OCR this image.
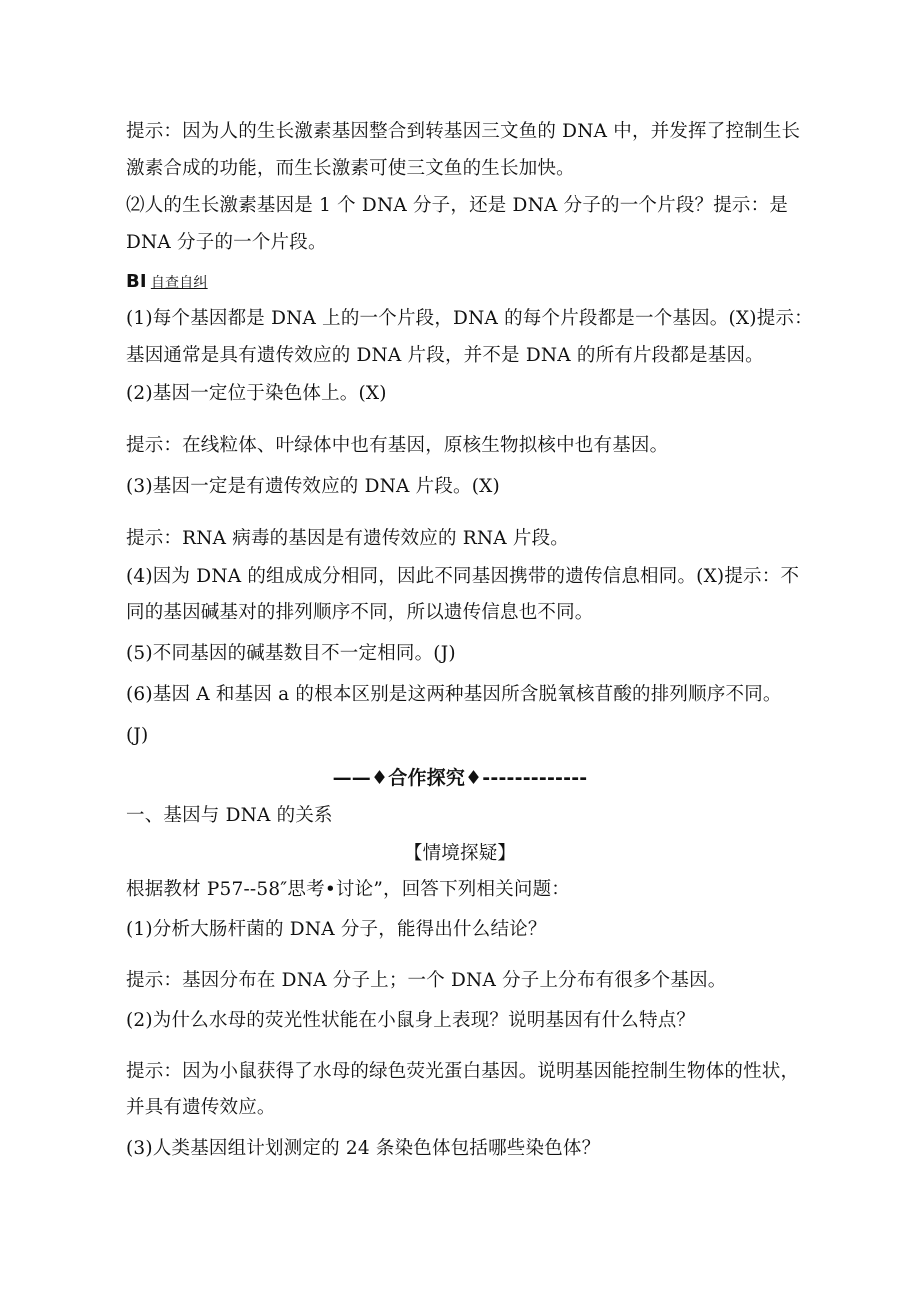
提示：因为人的生长激素基因整合到转基因三文鱼的 DNA 中，并发挥了控制生长
激素合成的功能，而生长激素可使三文鱼的生长加快。
⑵人的生长激素基因是 1 个 DNA 分子，还是 DNA 分子的一个片段？提示：是
DNA 分子的一个片段。
BI 自查自纠
(1)每个基因都是 DNA 上的一个片段，DNA 的每个片段都是一个基因。(X)提示：
基因通常是具有遗传效应的 DNA 片段，并不是 DNA 的所有片段都是基因。
(2)基因一定位于染色体上。(X)
提示：在线粒体、叶绿体中也有基因，原核生物拟核中也有基因。
(3)基因一定是有遗传效应的 DNA 片段。(X)
提示：RNA 病毒的基因是有遗传效应的 RNA 片段。
(4)因为 DNA 的组成成分相同，因此不同基因携带的遗传信息相同。(X)提示：不
同的基因碱基对的排列顺序不同，所以遗传信息也不同。
(5)不同基因的碱基数目不一定相同。(J)
(6)基因 A 和基因 a 的根本区别是这两种基因所含脱氧核苜酸的排列顺序不同。
(J)
——♦合作探究♦-------------
一、基因与 DNA 的关系
【情境探疑】
根据教材 P57--58″思考•讨论”，回答下列相关问题：
(1)分析大肠杆菌的 DNA 分子，能得出什么结论？
提示：基因分布在 DNA 分子上；一个 DNA 分子上分布有很多个基因。
(2)为什么水母的荧光性状能在小鼠身上表现？说明基因有什么特点？
提示：因为小鼠获得了水母的绿色荧光蛋白基因。说明基因能控制生物体的性状，
并具有遗传效应。
(3)人类基因组计划测定的 24 条染色体包括哪些染色体？
